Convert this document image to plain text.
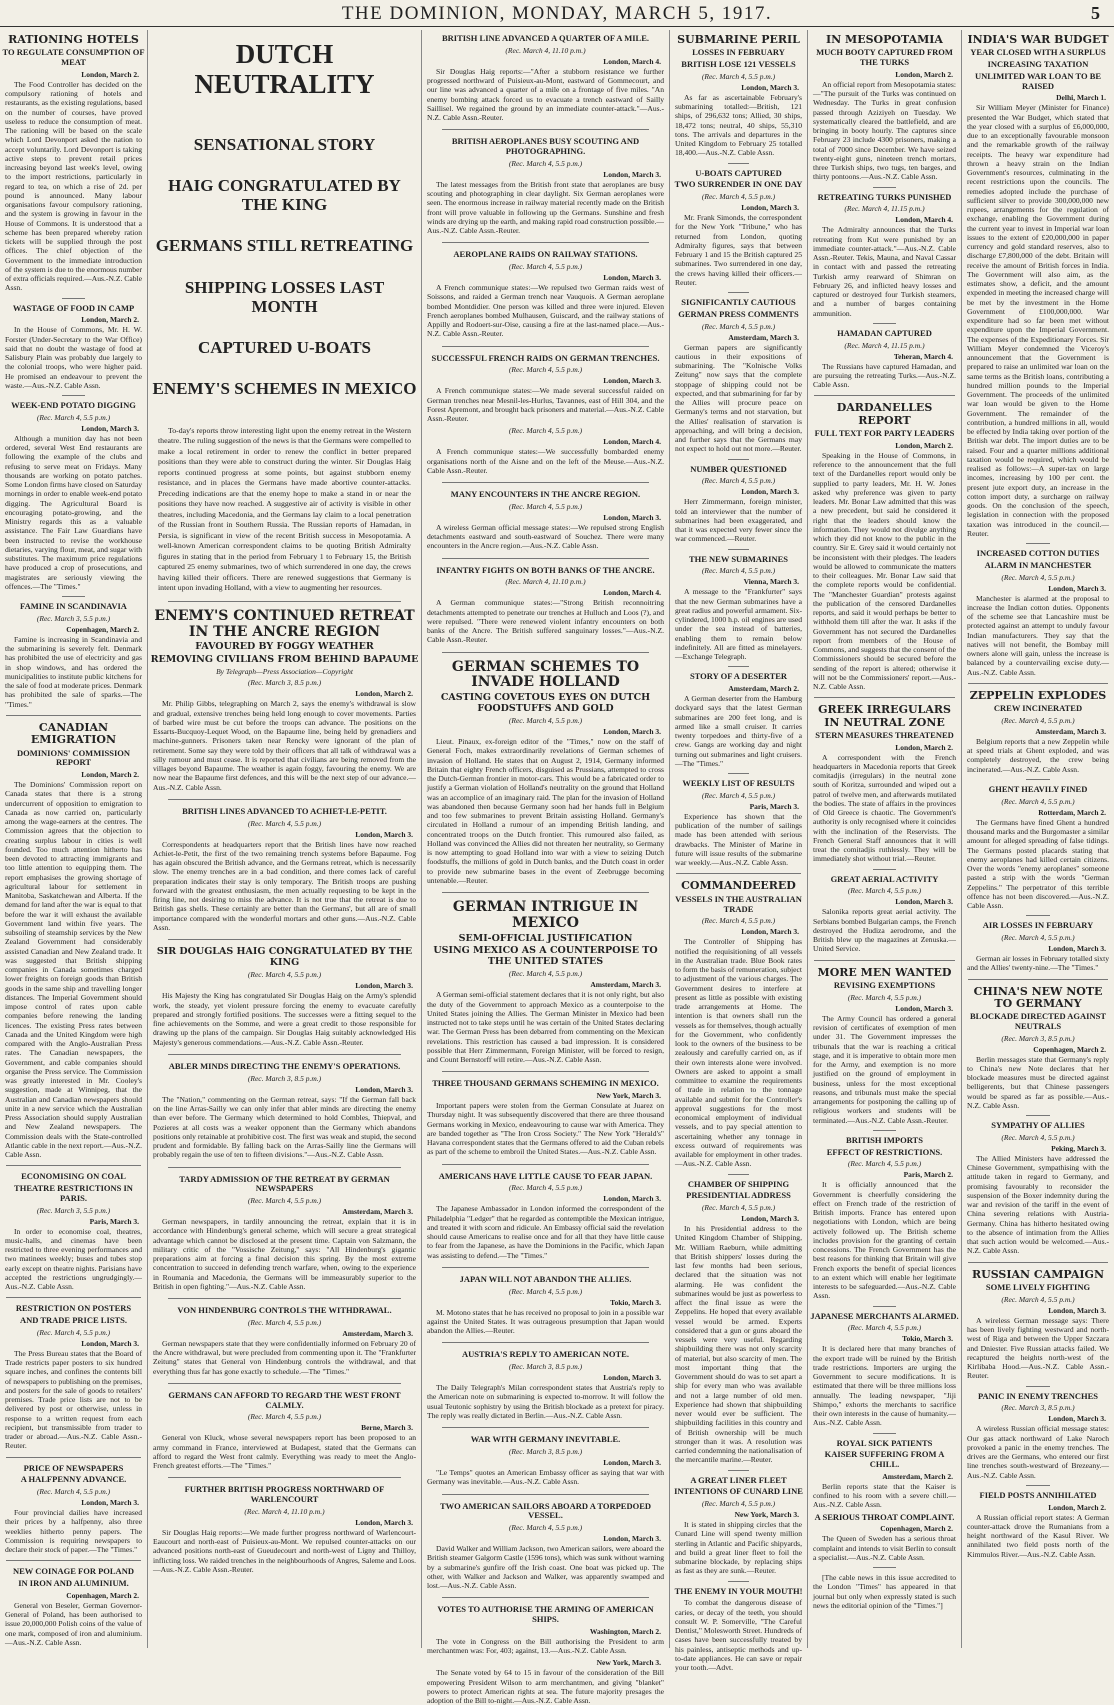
THE DOMINION, MONDAY, MARCH 5, 1917.	5
RATIONING HOTELS
TO REGULATE CONSUMPTION OF MEAT
London, March 2.

The Food Controller has decided on the compulsory rationing of hotels and restaurants, as the existing regulations, based on the number of courses, have proved useless to reduce the consumption of meat. The rationing will be based on the scale which Lord Devonport asked the nation to accept voluntarily. Lord Devonport is taking active steps to prevent retail prices increasing beyond last week's level, owing to the import restrictions, particularly in regard to tea, on which a rise of 2d. per pound is announced. Many labour organisations favour compulsory rationing, and the system is growing in favour in the House of Commons. It is understood that a scheme has been prepared whereby ration tickets will be supplied through the post offices. The chief objection of the Government to the immediate introduction of the system is due to the enormous number of extra officials required.—Aus.-N.Z. Cable Assn.

WASTAGE OF FOOD IN CAMP
London, March 2.

In the House of Commons, Mr. H. W. Forster (Under-Secretary to the War Office) said that no doubt the wastage of food at Salisbury Plain was probably due largely to the colonial troops, who were higher paid. He promised an endeavour to prevent the waste.—Aus.-N.Z. Cable Assn.

WEEK-END POTATO DIGGING
(Rec. March 4, 5.5 p.m.)
London, March 3.

Although a munition day has not been ordered, several West End restaurants are following the example of the clubs and refusing to serve meat on Fridays. Many thousands are working on potato patches. Some London firms have closed on Saturday mornings in order to enable week-end potato digging. The Agricultural Board is encouraging potato-growing, and the Ministry regards this as a valuable assistance. The Fair Law Guardians have been instructed to revise the workhouse dietaries, varying flour, meat, and sugar with substitutes. The maximum price regulations have produced a crop of prosecutions, and magistrates are seriously viewing the offences.—The "Times."

FAMINE IN SCANDINAVIA
(Rec. March 3, 5.5 p.m.)
Copenhagen, March 2.

Famine is increasing in Scandinavia and the submarining is severely felt. Denmark has prohibited the use of electricity and gas in shop windows, and has ordered the municipalities to institute public kitchens for the sale of food at moderate prices. Denmark has prohibited the sale of sparks.—The "Times."

CANADIAN EMIGRATION
DOMINIONS' COMMISSION REPORT
London, March 2.

The Dominions' Commission report on Canada states that there is a strong undercurrent of opposition to emigration to Canada as now carried on, particularly among the wage-earners at the centres. The Commission agrees that the objection to creating surplus labour in cities is well founded. Too much attention hitherto has been devoted to attracting immigrants and too little attention to equipping them. The report emphasises the growing shortage of agricultural labour for settlement in Manitoba, Saskatchewan and Alberta. If the demand for land after the war is equal to that before the war it will exhaust the available Government land within five years. The subsoiling of steamship services by the New Zealand Government had considerably assisted Canadian and New Zealand trade. It was suggested that British shipping companies in Canada sometimes charged lower freights on foreign goods than British goods in the same ship and travelling longer distances. The Imperial Government should impose control of rates upon cable companies before renewing the landing licences. The existing Press rates between Canada and the United Kingdom were high compared with the Anglo-Australian Press rates. The Canadian newspapers, the Government, and cable companies should organise the Press service. The Commission was greatly interested in Mr. Cooley's suggestion, made at Winnipeg, that the Australian and Canadian newspapers should unite in a new service which the Australian Press Association should supply Australian and New Zealand newspapers. The Commission deals with the State-controlled Atlantic cable in the next report.—Aus.-N.Z. Cable Assn.

ECONOMISING ON COAL
THEATRE RESTRICTIONS IN PARIS.
(Rec. March 3, 5.5 p.m.)
Paris, March 3.

In order to economise coal, theatres, music-halls, and cinemas have been restricted to three evening performances and two matinees weekly; buses and tubes stop early except on theatre nights. Parisians have accepted the restrictions ungrudgingly.—Aus.-N.Z. Cable Assn.

RESTRICTION ON POSTERS
AND TRADE PRICE LISTS.
(Rec. March 4, 5.5 p.m.)
London, March 3.

The Press Bureau states that the Board of Trade restricts paper posters to six hundred square inches, and confines the contents bill of newspapers to publishing on the premises, and posters for the sale of goods to retailers' premises. Trade price lists are not to be delivered by post or otherwise, unless in response to a written request from each recipient, but transmissible from trader to trader or abroad.—Aus.-N.Z. Cable Assn.-Reuter.

PRICE OF NEWSPAPERS
A HALFPENNY ADVANCE.
(Rec. March 4, 5.5 p.m.)
London, March 3.

Four provincial dailies have increased their prices by a halfpenny, also three weeklies hitherto penny papers. The Commission is requiring newspapers to declare their stock of paper.—The "Times."

NEW COINAGE FOR POLAND
IN IRON AND ALUMINIUM.
Copenhagen, March 2.

General von Beseler, German Governor-General of Poland, has been authorised to issue 20,000,000 Polish coins of the value of one mark, composed of iron and aluminium.—Aus.-N.Z. Cable Assn.

DUTCH NEUTRALITY
SENSATIONAL STORY
HAIG CONGRATULATED BY THE KING
GERMANS STILL RETREATING
SHIPPING LOSSES LAST MONTH
CAPTURED U-BOATS
ENEMY'S SCHEMES IN MEXICO

To-day's reports throw interesting light upon the enemy retreat in the Western theatre. The ruling suggestion of the news is that the Germans were compelled to make a local retirement in order to renew the conflict in better prepared positions than they were able to construct during the winter. Sir Douglas Haig reports continued progress at some points, but against stubborn enemy resistance, and in places the Germans have made abortive counter-attacks. Preceding indications are that the enemy hope to make a stand in or near the positions they have now reached. A suggestive air of activity is visible in other theatres, including Macedonia, and the Germans lay claim to a local penetration of the Russian front in Southern Russia. The Russian reports of Hamadan, in Persia, is significant in view of the recent British success in Mesopotamia. A well-known American correspondent claims to be quoting British Admiralty figures in stating that in the period from February 1 to February 15, the British captured 25 enemy submarines, two of which surrendered in one day, the crews having killed their officers. There are renewed suggestions that Germany is intent upon invading Holland, with a view to augmenting her resources.

ENEMY'S CONTINUED RETREAT IN THE ANCRE REGION
FAVOURED BY FOGGY WEATHER
REMOVING CIVILIANS FROM BEHIND BAPAUME
By Telegraph—Press Association—Copyright
(Rec. March 3, 8.5 p.m.)
London, March 2.

Mr. Philip Gibbs, telegraphing on March 2, says the enemy's withdrawal is slow and gradual, extensive trenches being held long enough to cover movements. Parties of barbed wire must be cut before the troops can advance. The positions on the Essarts-Bucquoy-Lequet Wood, on the Bapaume line, being held by grenadiers and machine-gunners. Prisoners taken near Rencky were ignorant of the plan of retirement. Some say they were told by their officers that all talk of withdrawal was a silly rumour and must cease. It is reported that civilians are being removed from the villages beyond Bapaume. The weather is again foggy, favouring the enemy. We are now near the Bapaume first defences, and this will be the next step of our advance.—Aus.-N.Z. Cable Assn.

BRITISH LINES ADVANCED TO ACHIET-LE-PETIT.
(Rec. March 4, 5.5 p.m.)
London, March 3.

Correspondents at headquarters report that the British lines have now reached Achiet-le-Petit, the first of the two remaining trench systems before Bapaume. Fog has again obscured the British advance, and the Germans retreat, which is necessarily slow. The enemy trenches are in a bad condition, and there comes lack of careful preparation indicates their stay is only temporary. The British troops are pushing forward with the greatest enthusiasm, the men actually requesting to be kept in the firing line, not desiring to miss the advance. It is not true that the retreat is due to British gas shells. These certainly are better than the Germans', but all are of small importance compared with the wonderful mortars and other guns.—Aus.-N.Z. Cable Assn.

SIR DOUGLAS HAIG CONGRATULATED BY THE KING
(Rec. March 4, 5.5 p.m.)
London, March 3.

His Majesty the King has congratulated Sir Douglas Haig on the Army's splendid work, the steady, yet violent pressure forcing the enemy to evacuate carefully prepared and strongly fortified positions. The successes were a fitting sequel to the fine achievements on the Somme, and were a great credit to those responsible for drawing up the plans of the campaign. Sir Douglas Haig suitably acknowledged His Majesty's generous commendations.—Aus.-N.Z. Cable Assn.-Reuter.

ABLER MINDS DIRECTING THE ENEMY'S OPERATIONS.
(Rec. March 3, 8.5 p.m.)
London, March 3.

The "Nation," commenting on the German retreat, says: "If the German fall back on the line Arras-Sailly we can only infer that abler minds are directing the enemy than ever before. The Germany which determined to hold Combles, Thiepval, and Pozieres at all costs was a weaker opponent than the Germany which abandons positions only retainable at prohibitive cost. The first was weak and stupid, the second prudent and formidable. By falling back on the Arras-Sailly line the Germans will probably regain the use of ten to fifteen divisions."—Aus.-N.Z. Cable Assn.

TARDY ADMISSION OF THE RETREAT BY GERMAN NEWSPAPERS
(Rec. March 4, 5.5 p.m.)
Amsterdam, March 3.

German newspapers, in tardily announcing the retreat, explain that it is in accordance with Hindenburg's general scheme, which will secure a great strategical advantage which cannot be disclosed at the present time. Captain von Salzmann, the military critic of the "Vossische Zeitung," says: "All Hindenburg's gigantic preparations aim at forcing a final decision this spring. By the most extreme concentration to succeed in defending trench warfare, when, owing to the experience in Roumania and Macedonia, the Germans will be immeasurably superior to the British in open fighting."—Aus.-N.Z. Cable Assn.

VON HINDENBURG CONTROLS THE WITHDRAWAL.
(Rec. March 4, 5.5 p.m.)
Amsterdam, March 3.

German newspapers state that they were confidentially informed on February 20 of the Ancre withdrawal, but were precluded from commenting upon it. The "Frankfurter Zeitung" states that General von Hindenburg controls the withdrawal, and that everything thus far has gone exactly to schedule.—The "Times."

GERMANS CAN AFFORD TO REGARD THE WEST FRONT CALMLY.
(Rec. March 4, 5.5 p.m.)
Berne, March 3.

General von Kluck, whose several newspapers report has been proposed to an army command in France, interviewed at Budapest, stated that the Germans can afford to regard the West front calmly. Everything was ready to meet the Anglo-French greatest efforts.—The "Times."

FURTHER BRITISH PROGRESS NORTHWARD OF WARLENCOURT
(Rec. March 4, 11.10 p.m.)
London, March 3.

Sir Douglas Haig reports:—We made further progress northward of Warlencourt-Eaucourt and north-east of Puisieux-au-Mont. We repulsed counter-attacks on our advanced positions north-east of Gueudecourt and north-west of Ligny and Thilloy, inflicting loss. We raided trenches in the neighbourhoods of Angres, Saleme and Loos.—Aus.-N.Z. Cable Assn.-Reuter.

BRITISH LINE ADVANCED A QUARTER OF A MILE.
(Rec. March 4, 11.10 p.m.)
London, March 4.

Sir Douglas Haig reports:—"After a stubborn resistance we further progressed northward of Puisieux-au-Mont, eastward of Gommecourt, and our line was advanced a quarter of a mile on a frontage of five miles. "An enemy bombing attack forced us to evacuate a trench eastward of Sailly Saillisel. We regained the ground by an immediate counter-attack."—Aus.-N.Z. Cable Assn.-Reuter.

BRITISH AEROPLANES BUSY SCOUTING AND PHOTOGRAPHING.
(Rec. March 4, 5.5 p.m.)
London, March 3.

The latest messages from the British front state that aeroplanes are busy scouting and photographing in clear daylight. Six German aeroplanes were seen. The enormous increase in railway material recently made on the British front will prove valuable in following up the Germans. Sunshine and fresh winds are drying up the earth, and making rapid road construction possible.—Aus.-N.Z. Cable Assn.-Reuter.

AEROPLANE RAIDS ON RAILWAY STATIONS.
(Rec. March 4, 5.5 p.m.)
London, March 3.

A French communique states:—We repulsed two German raids west of Soissons, and raided a German trench near Vauquois. A German aeroplane bombed Montdidier. One person was killed and three were injured. Eleven French aeroplanes bombed Mulhausen, Guiscard, and the railway stations of Appilly and Rodoert-sur-Oise, causing a fire at the last-named place.—Aus.-N.Z. Cable Assn.-Reuter.

SUCCESSFUL FRENCH RAIDS ON GERMAN TRENCHES.
(Rec. March 4, 5.5 p.m.)
London, March 3.

A French communique states:—We made several successful raided on German trenches near Mesnil-les-Hurlus, Tavannes, east of Hill 304, and the Forest Apremont, and brought back prisoners and material.—Aus.-N.Z. Cable Assn.-Reuter.

(Rec. March 4, 5.5 p.m.)
London, March 4.

A French communique states:—We successfully bombarded enemy organisations north of the Aisne and on the left of the Meuse.—Aus.-N.Z. Cable Assn.-Reuter.

MANY ENCOUNTERS IN THE ANCRE REGION.
(Rec. March 4, 5.5 p.m.)
London, March 3.

A wireless German official message states:—We repulsed strong English detachments eastward and south-eastward of Souchez. There were many encounters in the Ancre region.—Aus.-N.Z. Cable Assn.

INFANTRY FIGHTS ON BOTH BANKS OF THE ANCRE.
(Rec. March 4, 11.10 p.m.)
London, March 4.

A German communique states:—"Strong British reconnoitring detachments attempted to penetrate our trenches at Hulluch and Loos (?), and were repulsed. "There were renewed violent infantry encounters on both banks of the Ancre. The British suffered sanguinary losses."—Aus.-N.Z. Cable Assn.-Reuter.

GERMAN SCHEMES TO INVADE HOLLAND
CASTING COVETOUS EYES ON DUTCH FOODSTUFFS AND GOLD
(Rec. March 4, 5.5 p.m.)
London, March 3.

Lieut. Pinaux, ex-foreign editor of the "Times," now on the staff of General Foch, makes extraordinarily revelations of German schemes of invasion of Holland. He states that on August 2, 1914, Germany informed Britain that eighty French officers, disguised as Prussians, attempted to cross the Dutch-German frontier in motor-cars. This would be a fabricated order to justify a German violation of Holland's neutrality on the ground that Holland was an accomplice of an imaginary raid. The plan for the invasion of Holland was abandoned then because Germany soon had her hands full in Belgium and too few submarines to prevent Britain assisting Holland. Germany's circulated in Holland a rumour of an impending British landing, and concentrated troops on the Dutch frontier. This rumoured also failed, as Holland was convinced the Allies did not threaten her neutrality, so Germany is now attempting to goad Holland into war with a view to seizing Dutch foodstuffs, the millions of gold in Dutch banks, and the Dutch coast in order to provide new submarine bases in the event of Zeebrugge becoming untenable.—Reuter.

GERMAN INTRIGUE IN MEXICO
SEMI-OFFICIAL JUSTIFICATION
USING MEXICO AS A COUNTERPOISE TO THE UNITED STATES
(Rec. March 4, 5.5 p.m.)
Amsterdam, March 3.

A German semi-official statement declares that it is not only right, but also the duty of the Government to approach Mexico as a counterpoise to the United States joining the Allies. The German Minister in Mexico had been instructed not to take steps until he was certain of the United States declaring war. The German Press has been debarred from commenting on the Mexican revelations. This restriction has caused a bad impression. It is considered possible that Herr Zimmermann, Foreign Minister, will be forced to resign, and Count Bernstorff will retire.—Aus.-N.Z. Cable Assn.

THREE THOUSAND GERMANS SCHEMING IN MEXICO.
New York, March 3.

Important papers were stolen from the German Consulate at Juarez on Thursday night. It was subsequently discovered that there are three thousand Germans working in Mexico, endeavouring to cause war with America. They are banded together as "The Iron Cross Society." The New York "Herald's" Havana correspondent states that the Germans offered to aid the Cuban rebels as part of the scheme to embroil the United States.—Aus.-N.Z. Cable Assn.

AMERICANS HAVE LITTLE CAUSE TO FEAR JAPAN.
(Rec. March 4, 5.5 p.m.)
London, March 3.

The Japanese Ambassador in London informed the correspondent of the Philadelphia "Ledger" that he regarded as contemptible the Mexican intrigue, and treated it with scorn and ridicule. An Embassy official said the revelation should cause Americans to realise once and for all that they have little cause to fear from the Japanese, as have the Dominions in the Pacific, which Japan was assisting to defend.—The "Times."

JAPAN WILL NOT ABANDON THE ALLIES.
(Rec. March 4, 5.5 p.m.)
Tokio, March 3.

M. Motono states that he has received no proposal to join in a possible war against the United States. It was outrageous presumption that Japan would abandon the Allies.—Reuter.

AUSTRIA'S REPLY TO AMERICAN NOTE.
(Rec. March 3, 8.5 p.m.)
London, March 3.

The Daily Telegraph's Milan correspondent states that Austria's reply to the American note on submarining is expected to-morrow. It will follow the usual Teutonic sophistry by using the British blockade as a pretext for piracy. The reply was really dictated in Berlin.—Aus.-N.Z. Cable Assn.

WAR WITH GERMANY INEVITABLE.
(Rec. March 3, 8.5 p.m.)
London, March 3.

"Le Temps" quotes an American Embassy officer as saying that war with Germany was inevitable.—Aus.-N.Z. Cable Assn.

TWO AMERICAN SAILORS ABOARD A TORPEDOED VESSEL.
(Rec. March 4, 5.5 p.m.)
London, March 3.

David Walker and William Jackson, two American sailors, were aboard the British steamer Galgorm Castle (1596 tons), which was sunk without warning by a submarine's gunfire off the Irish coast. One boat was picked up. The other, with Walker and Jackson and Walker, was apparently swamped and lost.—Aus.-N.Z. Cable Assn.

VOTES TO AUTHORISE THE ARMING OF AMERICAN SHIPS.
Washington, March 2.

The vote in Congress on the Bill authorising the President to arm merchantmen was: For, 403; against, 13.—Aus.-N.Z. Cable Assn.

New York, March 3.

The Senate voted by 64 to 15 in favour of the consideration of the Bill empowering President Wilson to arm merchantmen, and giving "blanket" powers to protect American rights at sea. The future majority presages the adoption of the Bill to-night.—Aus.-N.Z. Cable Assn.

SUBMARINE PERIL
LOSSES IN FEBRUARY
BRITISH LOSE 121 VESSELS
(Rec. March 4, 5.5 p.m.)
London, March 3.

As far as ascertainable February's submarining totalled:—British, 121 ships, of 296,632 tons; Allied, 30 ships, 18,472 tons; neutral, 40 ships, 55,310 tons. The arrivals and departures in the United Kingdom to February 25 totalled 18,400.—Aus.-N.Z. Cable Assn.

U-BOATS CAPTURED
TWO SURRENDER IN ONE DAY
(Rec. March 4, 5.5 p.m.)
London, March 3.

Mr. Frank Simonds, the correspondent for the New York "Tribune," who has returned from London, quoting Admiralty figures, says that between February 1 and 15 the British captured 25 submarines. Two surrendered in one day, the crews having killed their officers.—Reuter.

SIGNIFICANTLY CAUTIOUS
GERMAN PRESS COMMENTS
(Rec. March 4, 5.5 p.m.)
Amsterdam, March 3.

German papers are significantly cautious in their expositions of submarining. The "Kolnische Volks Zeitung" now says that the complete stoppage of shipping could not be expected, and that submarining for far by the Allies will procure peace on Germany's terms and not starvation, but the Allies' realisation of starvation is approaching, and will bring a decision, and further says that the Germans may not expect to hold out not more.—Reuter.

NUMBER QUESTIONED
(Rec. March 4, 5.5 p.m.)
London, March 3.

Herr Zimmermann, foreign minister, told an interviewer that the number of submarines had been exaggerated, and that it was expected very fewer since the war commenced.—Reuter.

THE NEW SUBMARINES
(Rec. March 4, 5.5 p.m.)
Vienna, March 3.

A message to the "Frankfurter" says that the new German submarines have a great radius and powerful armament. Six-cylindered, 1000 h.p. oil engines are used under the sea instead of batteries, enabling them to remain below indefinitely. All are fitted as minelayers.—Exchange Telegraph.

STORY OF A DESERTER
Amsterdam, March 2.

A German deserter from the Hamburg dockyard says that the latest German submarines are 200 feet long, and is armed like a small cruiser. It carries twenty torpedoes and thirty-five of a crew. Gangs are working day and night turning out submarines and light cruisers.—The "Times."

WEEKLY LIST OF RESULTS
(Rec. March 4, 5.5 p.m.)
Paris, March 3.

Experience has shown that the publication of the number of sailings made has been attended with serious drawbacks. The Minister of Marine in future will issue results of the submarine war weekly.—Aus.-N.Z. Cable Assn.

COMMANDEERED
VESSELS IN THE AUSTRALIAN TRADE
(Rec. March 4, 5.5 p.m.)
London, March 3.

The Controller of Shipping has notified the requisitioning of all vessels in the Australian trade. Blue Book rates to form the basis of remuneration, subject to adjustment of the various charges. The Government desires to interfere at present as little as possible with existing trade arrangements at Home. The intention is that owners shall run the vessels as for themselves, though actually for the Government, who confidently look to the owners of the business to be zealously and carefully carried on, as if their own interests alone were involved. Owners are asked to appoint a small committee to examine the requirements of trade in relation to the tonnage available and submit for the Controller's approval suggestions for the most economical employment of individual vessels, and to pay special attention to ascertaining whether any tonnage in excess outward of requirements was available for employment in other trades.—Aus.-N.Z. Cable Assn.

CHAMBER OF SHIPPING
PRESIDENTIAL ADDRESS
(Rec. March 4, 5.5 p.m.)
London, March 3.

In his Presidential address to the United Kingdom Chamber of Shipping, Mr. William Raeburn, while admitting that British shippers' losses during the last few months had been serious, declared that the situation was not alarming. He was confident the submarines would be just as powerless to affect the final issue as were the Zeppelins. He hoped that every available vessel would be armed. Experts considered that a gun or guns aboard the vessels were very useful. Regarding shipbuilding there was not only scarcity of material, but also scarcity of men. The most important thing that the Government should do was to set apart a ship for every man who was available and not a large number of old men. Experience had shown that shipbuilding never would ever be sufficient. The shipbuilding facilities in this country and of British ownership will be much stronger than it was. A resolution was carried condemning the nationalisation of the mercantile marine.—Reuter.

A GREAT LINER FLEET
INTENTIONS OF CUNARD LINE
(Rec. March 4, 5.5 p.m.)
New York, March 3.

It is stated in shipping circles that the Cunard Line will spend twenty million sterling in Atlantic and Pacific shipyards, and build a great liner fleet to foil the submarine blockade, by replacing ships as fast as they are sunk.—Reuter.

THE ENEMY IN YOUR MOUTH!

To combat the dangerous disease of caries, or decay of the teeth, you should consult W. P. Somerville, "The Careful Dentist," Molesworth Street. Hundreds of cases have been successfully treated by his painless, antiseptic methods and up-to-date appliances. He can save or repair your tooth.—Advt.

IN MESOPOTAMIA
MUCH BOOTY CAPTURED FROM THE TURKS
London, March 2.

An official report from Mesopotamia states:—"The pursuit of the Turks was continued on Wednesday. The Turks in great confusion passed through Aziziyeh on Tuesday. We systematically cleared the battlefield, and are bringing in booty hourly. The captures since February 23 include 4300 prisoners, making a total of 7000 since December. We have seized twenty-eight guns, nineteen trench mortars, three Turkish ships, two tugs, ten barges, and thirty pontoons.—Aus.-N.Z. Cable Assn.

RETREATING TURKS PUNISHED
(Rec. March 4, 11.15 p.m.)
London, March 4.

The Admiralty announces that the Turks retreating from Kut were punished by an immediate counter-attack."—Aus.-N.Z. Cable Assn.-Reuter. Tekis, Mauna, and Naval Cassar in contact with and passed the retreating Turkish army rearward of Shimran on February 26, and inflicted heavy losses and captured or destroyed four Turkish steamers, and a number of barges containing ammunition.

HAMADAN CAPTURED
(Rec. March 4, 11.15 p.m.)
Teheran, March 4.

The Russians have captured Hamadan, and are pursuing the retreating Turks.—Aus.-N.Z. Cable Assn.

DARDANELLES REPORT
FULL TEXT FOR PARTY LEADERS
London, March 2.

Speaking in the House of Commons, in reference to the announcement that the full text of the Dardanelles report would only be supplied to party leaders, Mr. H. W. Jones asked why preference was given to party leaders. Mr. Bonar Law admitted that this was a new precedent, but said he considered it right that the leaders should know the information. They would not divulge anything which they did not know to the public in the country. Sir E. Grey said it would certainly not be inconsistent with their pledges. The leaders would be allowed to communicate the matters to their colleagues. Mr. Bonar Law said that the complete reports would be confidential. The "Manchester Guardian" protests against the publication of the censored Dardanelles reports, and said it would perhaps be better to withhold them till after the war. It asks if the Government has not secured the Dardanelles report from members of the House of Commons, and suggests that the consent of the Commissioners should be secured before the sending of the report is altered; otherwise it will not be the Commissioners' report.—Aus.-N.Z. Cable Assn.

GREEK IRREGULARS IN NEUTRAL ZONE
STERN MEASURES THREATENED
London, March 2.

A correspondent with the French headquarters in Macedonia reports that Greek comitadjis (irregulars) in the neutral zone south of Koritza, surrounded and wiped out a patrol of twelve men, and afterwards mutilated the bodies. The state of affairs in the provinces of Old Greece is chaotic. The Government's authority is only recognised where it coincides with the inclination of the Reservists. The French General Staff announces that it will treat the comitadjis ruthlessly. They will be immediately shot without trial.—Reuter.

GREAT AERIAL ACTIVITY
(Rec. March 4, 5.5 p.m.)
London, March 3.

Salonika reports great aerial activity. The Serbians bombed Bulgarian camps, the French destroyed the Hudiza aerodrome, and the British blew up the magazines at Zenuska.—United Service.

MORE MEN WANTED
REVISING EXEMPTIONS
(Rec. March 4, 5.5 p.m.)
London, March 3.

The Army Council has ordered a general revision of certificates of exemption of men under 31. The Government impresses the tribunals that the war is reaching a critical stage, and it is imperative to obtain more men for the Army, and exemption is no more justified on the ground of employment in business, unless for the most exceptional reasons, and tribunals must make the special arrangements for postponing the calling up of religious workers and students will be terminated.—Aus.-N.Z. Cable Assn.-Reuter.

BRITISH IMPORTS
EFFECT OF RESTRICTIONS.
(Rec. March 4, 5.5 p.m.)
Paris, March 2.

It is officially announced that the Government is cheerfully considering the effect on French trade of the restriction of British imports. France has entered upon negotiations with London, which are being actively followed up. The British scheme includes provision for the granting of certain concessions. The French Government has the best reasons for thinking that Britain will give French exports the benefit of special licences to an extent which will enable her legitimate interests to be safeguarded.—Aus.-N.Z. Cable Assn.

JAPANESE MERCHANTS ALARMED.
(Rec. March 4, 5.5 p.m.)
Tokio, March 3.

It is declared here that many branches of the export trade will be ruined by the British trade restrictions. Importers are urging the Government to secure modifications. It is estimated that there will be three millions loss annually. The leading newspaper, "Jiji Shimpo," exhorts the merchants to sacrifice their own interests in the cause of humanity.—Aus.-N.Z. Cable Assn.

ROYAL SICK PATIENTS
KAISER SUFFERING FROM A CHILL.
Amsterdam, March 2.

Berlin reports state that the Kaiser is confined to his room with a severe chill.—Aus.-N.Z. Cable Assn.

A SERIOUS THROAT COMPLAINT.
Copenhagen, March 2.

The Queen of Sweden has a serious throat complaint and intends to visit Berlin to consult a specialist.—Aus.-N.Z. Cable Assn.

[The cable news in this issue accredited to the London "Times" has appeared in that journal but only when expressly stated is such news the editorial opinion of the "Times."]

INDIA'S WAR BUDGET
YEAR CLOSED WITH A SURPLUS
INCREASING TAXATION
UNLIMITED WAR LOAN TO BE RAISED
Delhi, March 1.

Sir William Meyer (Minister for Finance) presented the War Budget, which stated that the year closed with a surplus of £6,000,000, due to an exceptionally favourable monsoon and the remarkable growth of the railway receipts. The heavy war expenditure had thrown a heavy strain on the Indian Government's resources, culminating in the recent restrictions upon the councils. The remedies adopted include the purchase of sufficient silver to provide 300,000,000 new rupees, arrangements for the regulation of exchange, enabling the Government during the current year to invest in Imperial war loan issues to the extent of £20,000,000 in paper currency and gold standard reserves, also to discharge £7,800,000 of the debt. Britain will receive the amount of British forces in India. The Government will also aim, as the estimates show, a deficit, and the amount expended in meeting the increased charge will be met by the investment in the Home Government of £100,000,000. War expenditure had so far been met without expenditure upon the Imperial Government. The expenses of the Expeditionary Forces. Sir William Meyer condemned the Viceroy's announcement that the Government is prepared to raise an unlimited war loan on the same terms as the British loans, contributing a hundred million pounds to the Imperial Government. The proceeds of the unlimited war loan would be given to the Home Government. The remainder of the contribution, a hundred millions in all, would be effected by India taking over portion of the British war debt. The import duties are to be raised. Four and a quarter millions additional taxation would be required, which would be realised as follows:—A super-tax on large incomes, increasing by 100 per cent. the present jute export duty, an increase in the cotton import duty, a surcharge on railway goods. On the conclusion of the speech, legislation in connection with the proposed taxation was introduced in the council.—Reuter.

INCREASED COTTON DUTIES
ALARM IN MANCHESTER
(Rec. March 4, 5.5 p.m.)
London, March 3.

Manchester is alarmed at the proposal to increase the Indian cotton duties. Opponents of the scheme see that Lancashire must be protected against an attempt to unduly favour Indian manufacturers. They say that the natives will not benefit, the Bombay mill owners alone will gain, unless the increase is balanced by a countervailing excise duty.—Aus.-N.Z. Cable Assn.

ZEPPELIN EXPLODES
CREW INCINERATED
(Rec. March 4, 5.5 p.m.)
Amsterdam, March 3.

Belgium reports that a new Zeppelin while at speed trials at Ghent exploded, and was completely destroyed, the crew being incinerated.—Aus.-N.Z. Cable Assn.

GHENT HEAVILY FINED
(Rec. March 4, 5.5 p.m.)
Rotterdam, March 2.

The Germans have fined Ghent a hundred thousand marks and the Burgomaster a similar amount for alleged spreading of false tidings. The Germans posted placards stating that enemy aeroplanes had killed certain citizens. Over the words "enemy aeroplanes" someone pasted a strip with the words "German Zeppelins." The perpetrator of this terrible offence has not been discovered.—Aus.-N.Z. Cable Assn.

AIR LOSSES IN FEBRUARY
(Rec. March 4, 5.5 p.m.)
London, March 3.

German air losses in February totalled sixty and the Allies' twenty-nine.—The "Times."

CHINA'S NEW NOTE TO GERMANY
BLOCKADE DIRECTED AGAINST NEUTRALS
(Rec. March 3, 8.5 p.m.)
Copenhagen, March 2.

Berlin messages state that Germany's reply to China's new Note declares that her blockade measures must be directed against belligerents, but that Chinese passengers would be spared as far as possible.—Aus.-N.Z. Cable Assn.

SYMPATHY OF ALLIES
(Rec. March 4, 5.5 p.m.)
Peking, March 3.

The Allied Ministers have addressed the Chinese Government, sympathising with the attitude taken in regard to Germany, and promising favourably to reconsider the suspension of the Boxer indemnity during the war and revision of the tariff in the event of China severing relations with Austria-Germany. China has hitherto hesitated owing to the absence of intimation from the Allies that such action would be welcomed.—Aus.-N.Z. Cable Assn.

RUSSIAN CAMPAIGN
SOME LIVELY FIGHTING
(Rec. March 4, 5.5 p.m.)
London, March 3.

A wireless German message says: There has been lively fighting westward and north-west of Riga and between the Upper Szczara and Dniester. Five Russian attacks failed. We recaptured the heights north-west of the Kirlibaba Hood.—Aus.-N.Z. Cable Assn.-Reuter.

PANIC IN ENEMY TRENCHES
(Rec. March 3, 8.5 p.m.)
London, March 3.

A wireless Russian official message states: Our gas attack northward of Lake Naroch provoked a panic in the enemy trenches. The drives are the Germans, who entered our first line trenches south-westward of Brezeany.—Aus.-N.Z. Cable Assn.

FIELD POSTS ANNIHILATED
London, March 2.

A Russian official report states: A German counter-attack drove the Rumanians from a height northward of the Kasul River. We annihilated two field posts north of the Kimmulos River.—Aus.-N.Z. Cable Assn.
